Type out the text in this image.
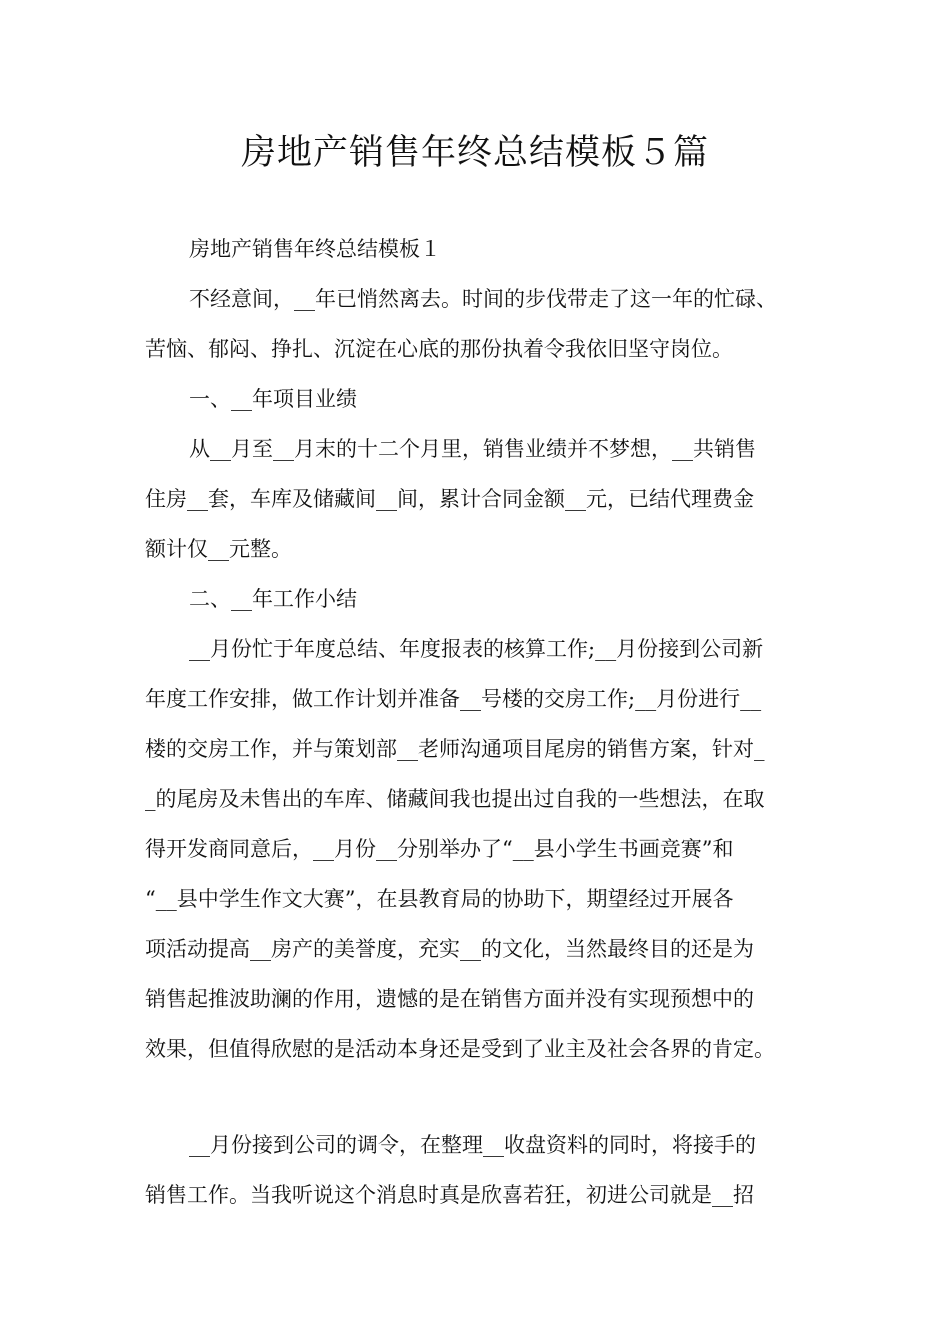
房地产销售年终总结模板５篇
房地产销售年终总结模板１
不经意间，__年已悄然离去。时间的步伐带走了这一年的忙碌、
苦恼、郁闷、挣扎、沉淀在心底的那份执着令我依旧坚守岗位。
一、__年项目业绩
从__月至__月末的十二个月里，销售业绩并不梦想，__共销售
住房__套，车库及储藏间__间，累计合同金额__元，已结代理费金
额计仅__元整。
二、__年工作小结
__月份忙于年度总结、年度报表的核算工作;__月份接到公司新
年度工作安排，做工作计划并准备__号楼的交房工作;__月份进行__
楼的交房工作，并与策划部__老师沟通项目尾房的销售方案，针对_
_的尾房及未售出的车库、储藏间我也提出过自我的一些想法，在取
得开发商同意后，__月份__分别举办了“__县小学生书画竞赛”和
“__县中学生作文大赛”，在县教育局的协助下，期望经过开展各
项活动提高__房产的美誉度，充实__的文化，当然最终目的还是为
销售起推波助澜的作用，遗憾的是在销售方面并没有实现预想中的
效果，但值得欣慰的是活动本身还是受到了业主及社会各界的肯定。
__月份接到公司的调令，在整理__收盘资料的同时，将接手的
销售工作。当我听说这个消息时真是欣喜若狂，初进公司就是__招
